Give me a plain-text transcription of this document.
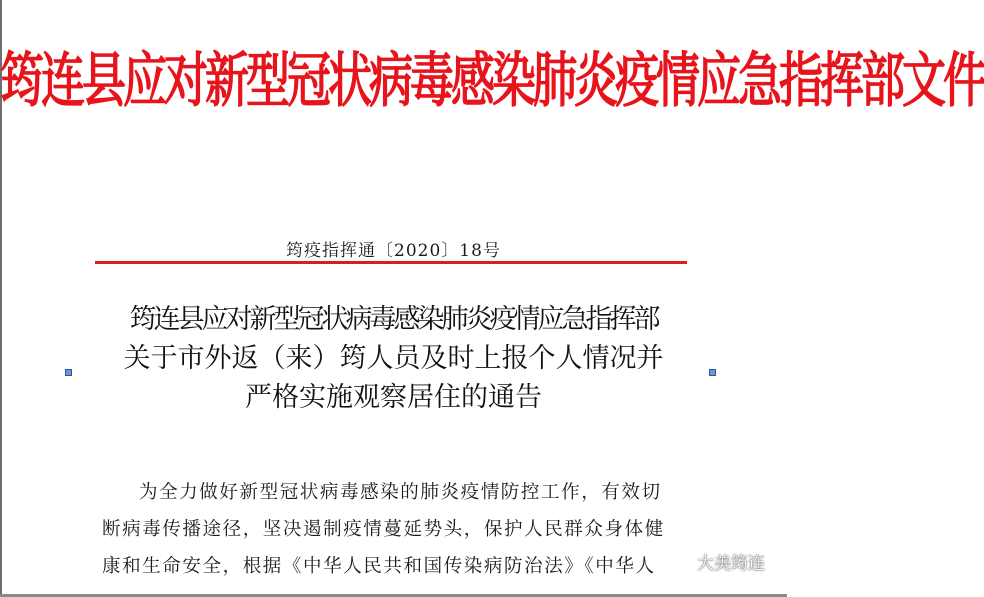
筠连县应对新型冠状病毒感染肺炎疫情应急指挥部文件
筠疫指挥通〔2020〕18号
筠连县应对新型冠状病毒感染肺炎疫情应急指挥部
关于市外返（来）筠人员及时上报个人情况并
严格实施观察居住的通告

为全力做好新型冠状病毒感染的肺炎疫情防控工作，有效切

断病毒传播途径，坚决遏制疫情蔓延势头，保护人民群众身体健

康和生命安全，根据《中华人民共和国传染病防治法》《中华人	大美筠连
